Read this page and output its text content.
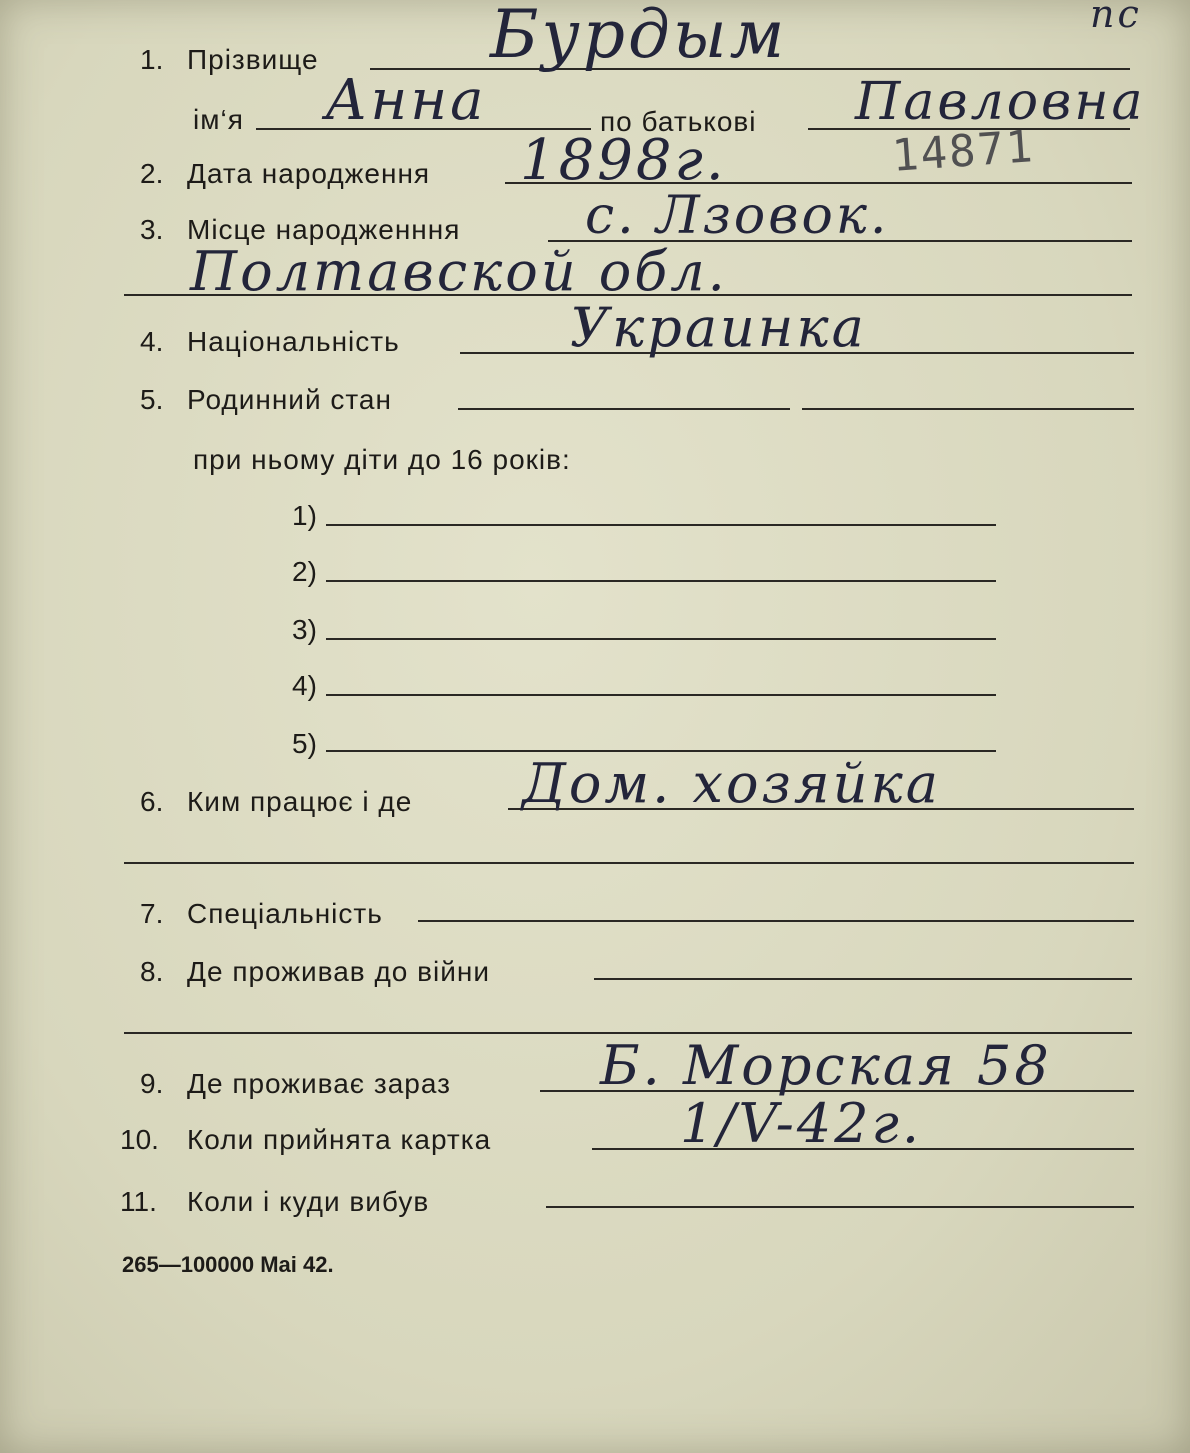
пс
1. Прізвище	Бурдым
ім‘я Анна	по батькові Павловна
14871
2. Дата народження 1898г.
3. Місце народженння с. Лзовок.
Полтавской обл.
4. Національність	Украинка
5. Родинний стан
при ньому діти до 16 років:
1)
2)
3)
4)
5)
6. Ким працює і де Дом. хозяйка
7. Спеціальність
8. Де проживав до війни
9. Де проживає зараз	Б. Морская 58
10. Коли прийнята картка	1/V-42г.
11. Коли і куди вибув
265—100000 Mai 42.
